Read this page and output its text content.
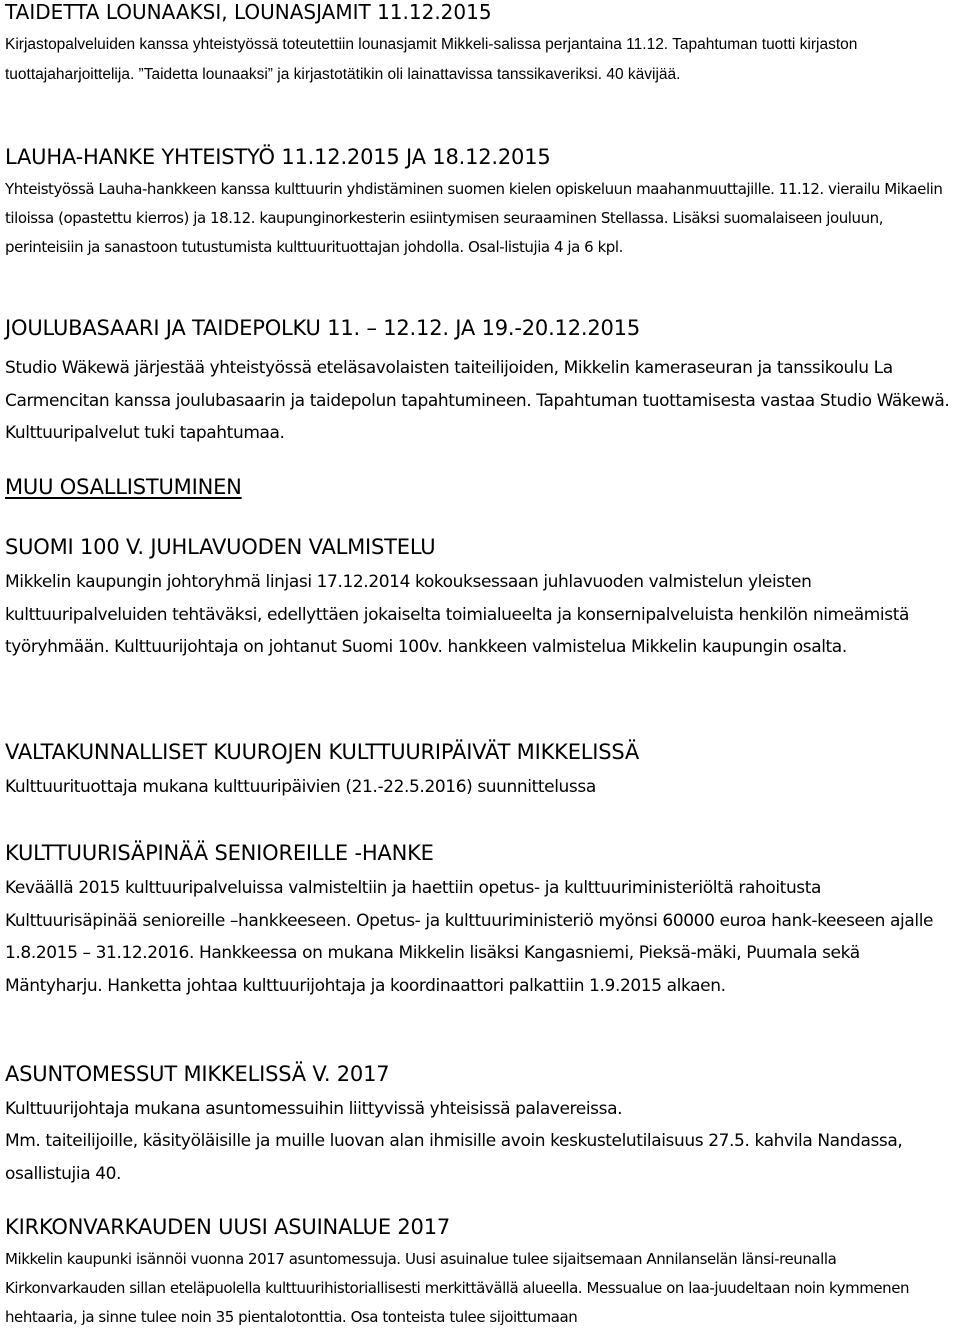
TAIDETTA LOUNAAKSI, LOUNASJAMIT 11.12.2015

Kirjastopalveluiden kanssa yhteistyössä toteutettiin lounasjamit Mikkeli-salissa perjantaina 11.12. Tapahtuman tuotti kirjaston tuottajaharjoittelija. ”Taidetta lounaaksi” ja kirjastotätikin oli lainattavissa tanssikaveriksi. 40 kävijää.

LAUHA-HANKE YHTEISTYÖ 11.12.2015 JA 18.12.2015

Yhteistyössä Lauha-hankkeen kanssa kulttuurin yhdistäminen suomen kielen opiskeluun maahanmuuttajille. 11.12. vierailu Mikaelin tiloissa (opastettu kierros) ja 18.12. kaupunginorkesterin esiintymisen seuraaminen Stellassa. Lisäksi suomalaiseen jouluun, perinteisiin ja sanastoon tutustumista kulttuurituottajan johdolla. Osal-listujia 4 ja 6 kpl.

JOULUBASAARI JA TAIDEPOLKU 11. – 12.12. JA 19.-20.12.2015

Studio Wäkewä järjestää yhteistyössä eteläsavolaisten taiteilijoiden, Mikkelin kameraseuran ja tanssikoulu La Carmencitan kanssa joulubasaarin ja taidepolun tapahtumineen. Tapahtuman tuottamisesta vastaa Studio Wäkewä. Kulttuuripalvelut tuki tapahtumaa.

MUU OSALLISTUMINEN
SUOMI 100 V. JUHLAVUODEN VALMISTELU

Mikkelin kaupungin johtoryhmä linjasi 17.12.2014 kokouksessaan juhlavuoden valmistelun yleisten kulttuuripalveluiden tehtäväksi, edellyttäen jokaiselta toimialueelta ja konsernipalveluista henkilön nimeämistä työryhmään. Kulttuurijohtaja on johtanut Suomi 100v. hankkeen valmistelua Mikkelin kaupungin osalta.

VALTAKUNNALLISET KUUROJEN KULTTUURIPÄIVÄT MIKKELISSÄ

Kulttuurituottaja mukana kulttuuripäivien (21.-22.5.2016) suunnittelussa

KULTTUURISÄPINÄÄ SENIOREILLE -HANKE

Keväällä 2015 kulttuuripalveluissa valmisteltiin ja haettiin opetus- ja kulttuuriministeriöltä rahoitusta Kulttuurisäpinää senioreille –hankkeeseen. Opetus- ja kulttuuriministeriö myönsi 60000 euroa hank-keeseen ajalle 1.8.2015 – 31.12.2016. Hankkeessa on mukana Mikkelin lisäksi Kangasniemi, Pieksä-mäki, Puumala sekä Mäntyharju. Hanketta johtaa kulttuurijohtaja ja koordinaattori palkattiin 1.9.2015 alkaen.

ASUNTOMESSUT MIKKELISSÄ V. 2017

Kulttuurijohtaja mukana asuntomessuihin liittyvissä yhteisissä palavereissa.

Mm. taiteilijoille, käsityöläisille ja muille luovan alan ihmisille avoin keskustelutilaisuus 27.5. kahvila Nandassa, osallistujia 40.

KIRKONVARKAUDEN UUSI ASUINALUE 2017

Mikkelin kaupunki isännöi vuonna 2017 asuntomessuja. Uusi asuinalue tulee sijaitsemaan Annilanselän länsi-reunalla Kirkonvarkauden sillan eteläpuolella kulttuurihistoriallisesti merkittävällä alueella. Messualue on laa-juudeltaan noin kymmenen hehtaaria, ja sinne tulee noin 35 pientalotonttia. Osa tonteista tulee sijoittumaan
